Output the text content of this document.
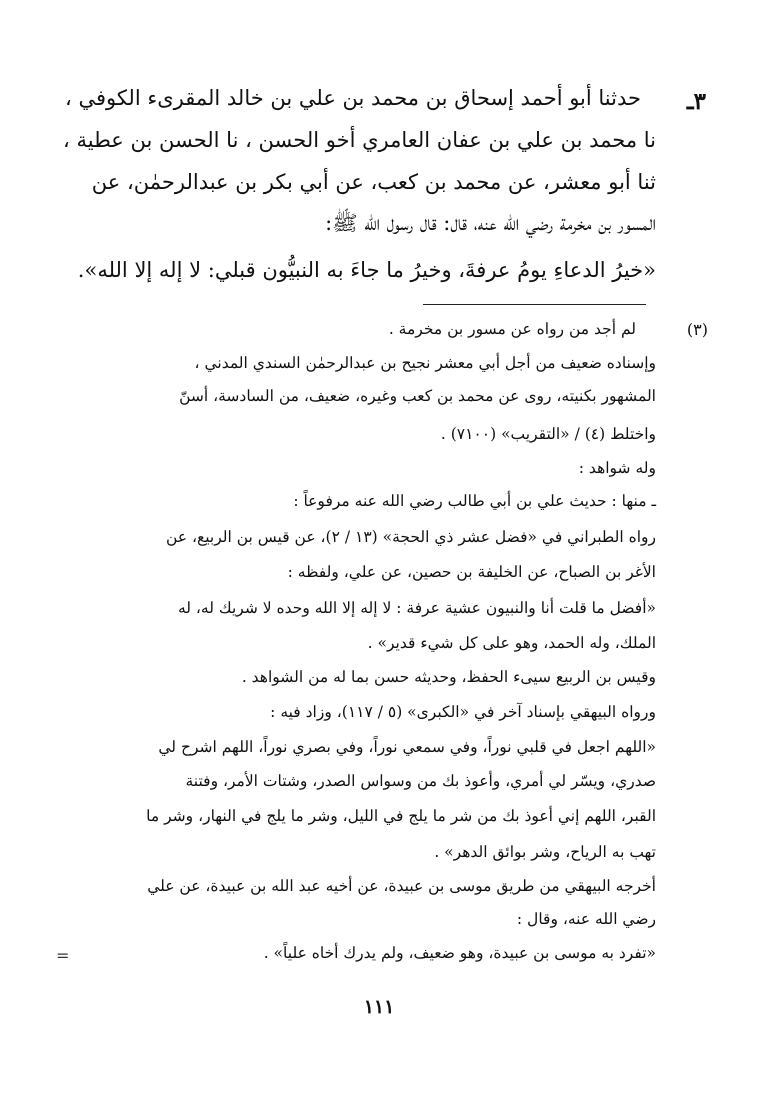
٣ـ
حدثنا أبو أحمد إسحاق بن محمد بن علي بن خالد المقرىء الكوفي ،
نا محمد بن علي بن عفان العامري أخو الحسن ، نا الحسن بن عطية ،
ثنا أبو معشر، عن محمد بن كعب، عن أبي بكر بن عبدالرحمٰن، عن
المسور بن مخرمة رضي الله عنه، قال: قال رسول الله ﷺ:
«خيرُ الدعاءِ يومُ عرفةَ، وخيرُ ما جاءَ به النبيُّون قبلي: لا إله إلا الله».
(٣)
لم أجد من رواه عن مسور بن مخرمة .
وإسناده ضعيف من أجل أبي معشر نجيح بن عبدالرحمٰن السندي المدني ،
المشهور بكنيته، روى عن محمد بن كعب وغيره، ضعيف، من السادسة، أسنّ
واختلط (٤) / «التقريب» (٧١٠٠) .
وله شواهد :
ـ منها : حديث علي بن أبي طالب رضي الله عنه مرفوعاً :
رواه الطبراني في «فضل عشر ذي الحجة» (١٣ / ٢)، عن قيس بن الربيع، عن
الأغر بن الصباح، عن الخليفة بن حصين، عن علي، ولفظه :
«أفضل ما قلت أنا والنبيون عشية عرفة : لا إله إلا الله وحده لا شريك له، له
الملك، وله الحمد، وهو على كل شيء قدير» .
وقيس بن الربيع سيىء الحفظ، وحديثه حسن بما له من الشواهد .
ورواه البيهقي بإسناد آخر في «الكبرى» (٥ / ١١٧)، وزاد فيه :
«اللهم اجعل في قلبي نوراً، وفي سمعي نوراً، وفي بصري نوراً، اللهم اشرح لي
صدري، ويسّر لي أمري، وأعوذ بك من وسواس الصدر، وشتات الأمر، وفتنة
القبر، اللهم إني أعوذ بك من شر ما يلج في الليل، وشر ما يلج في النهار، وشر ما
تهب به الرياح، وشر بوائق الدهر» .
أخرجه البيهقي من طريق موسى بن عبيدة، عن أخيه عبد الله بن عبيدة، عن علي
رضي الله عنه، وقال :
«تفرد به موسى بن عبيدة، وهو ضعيف، ولم يدرك أخاه علياً» .
=
١١١
